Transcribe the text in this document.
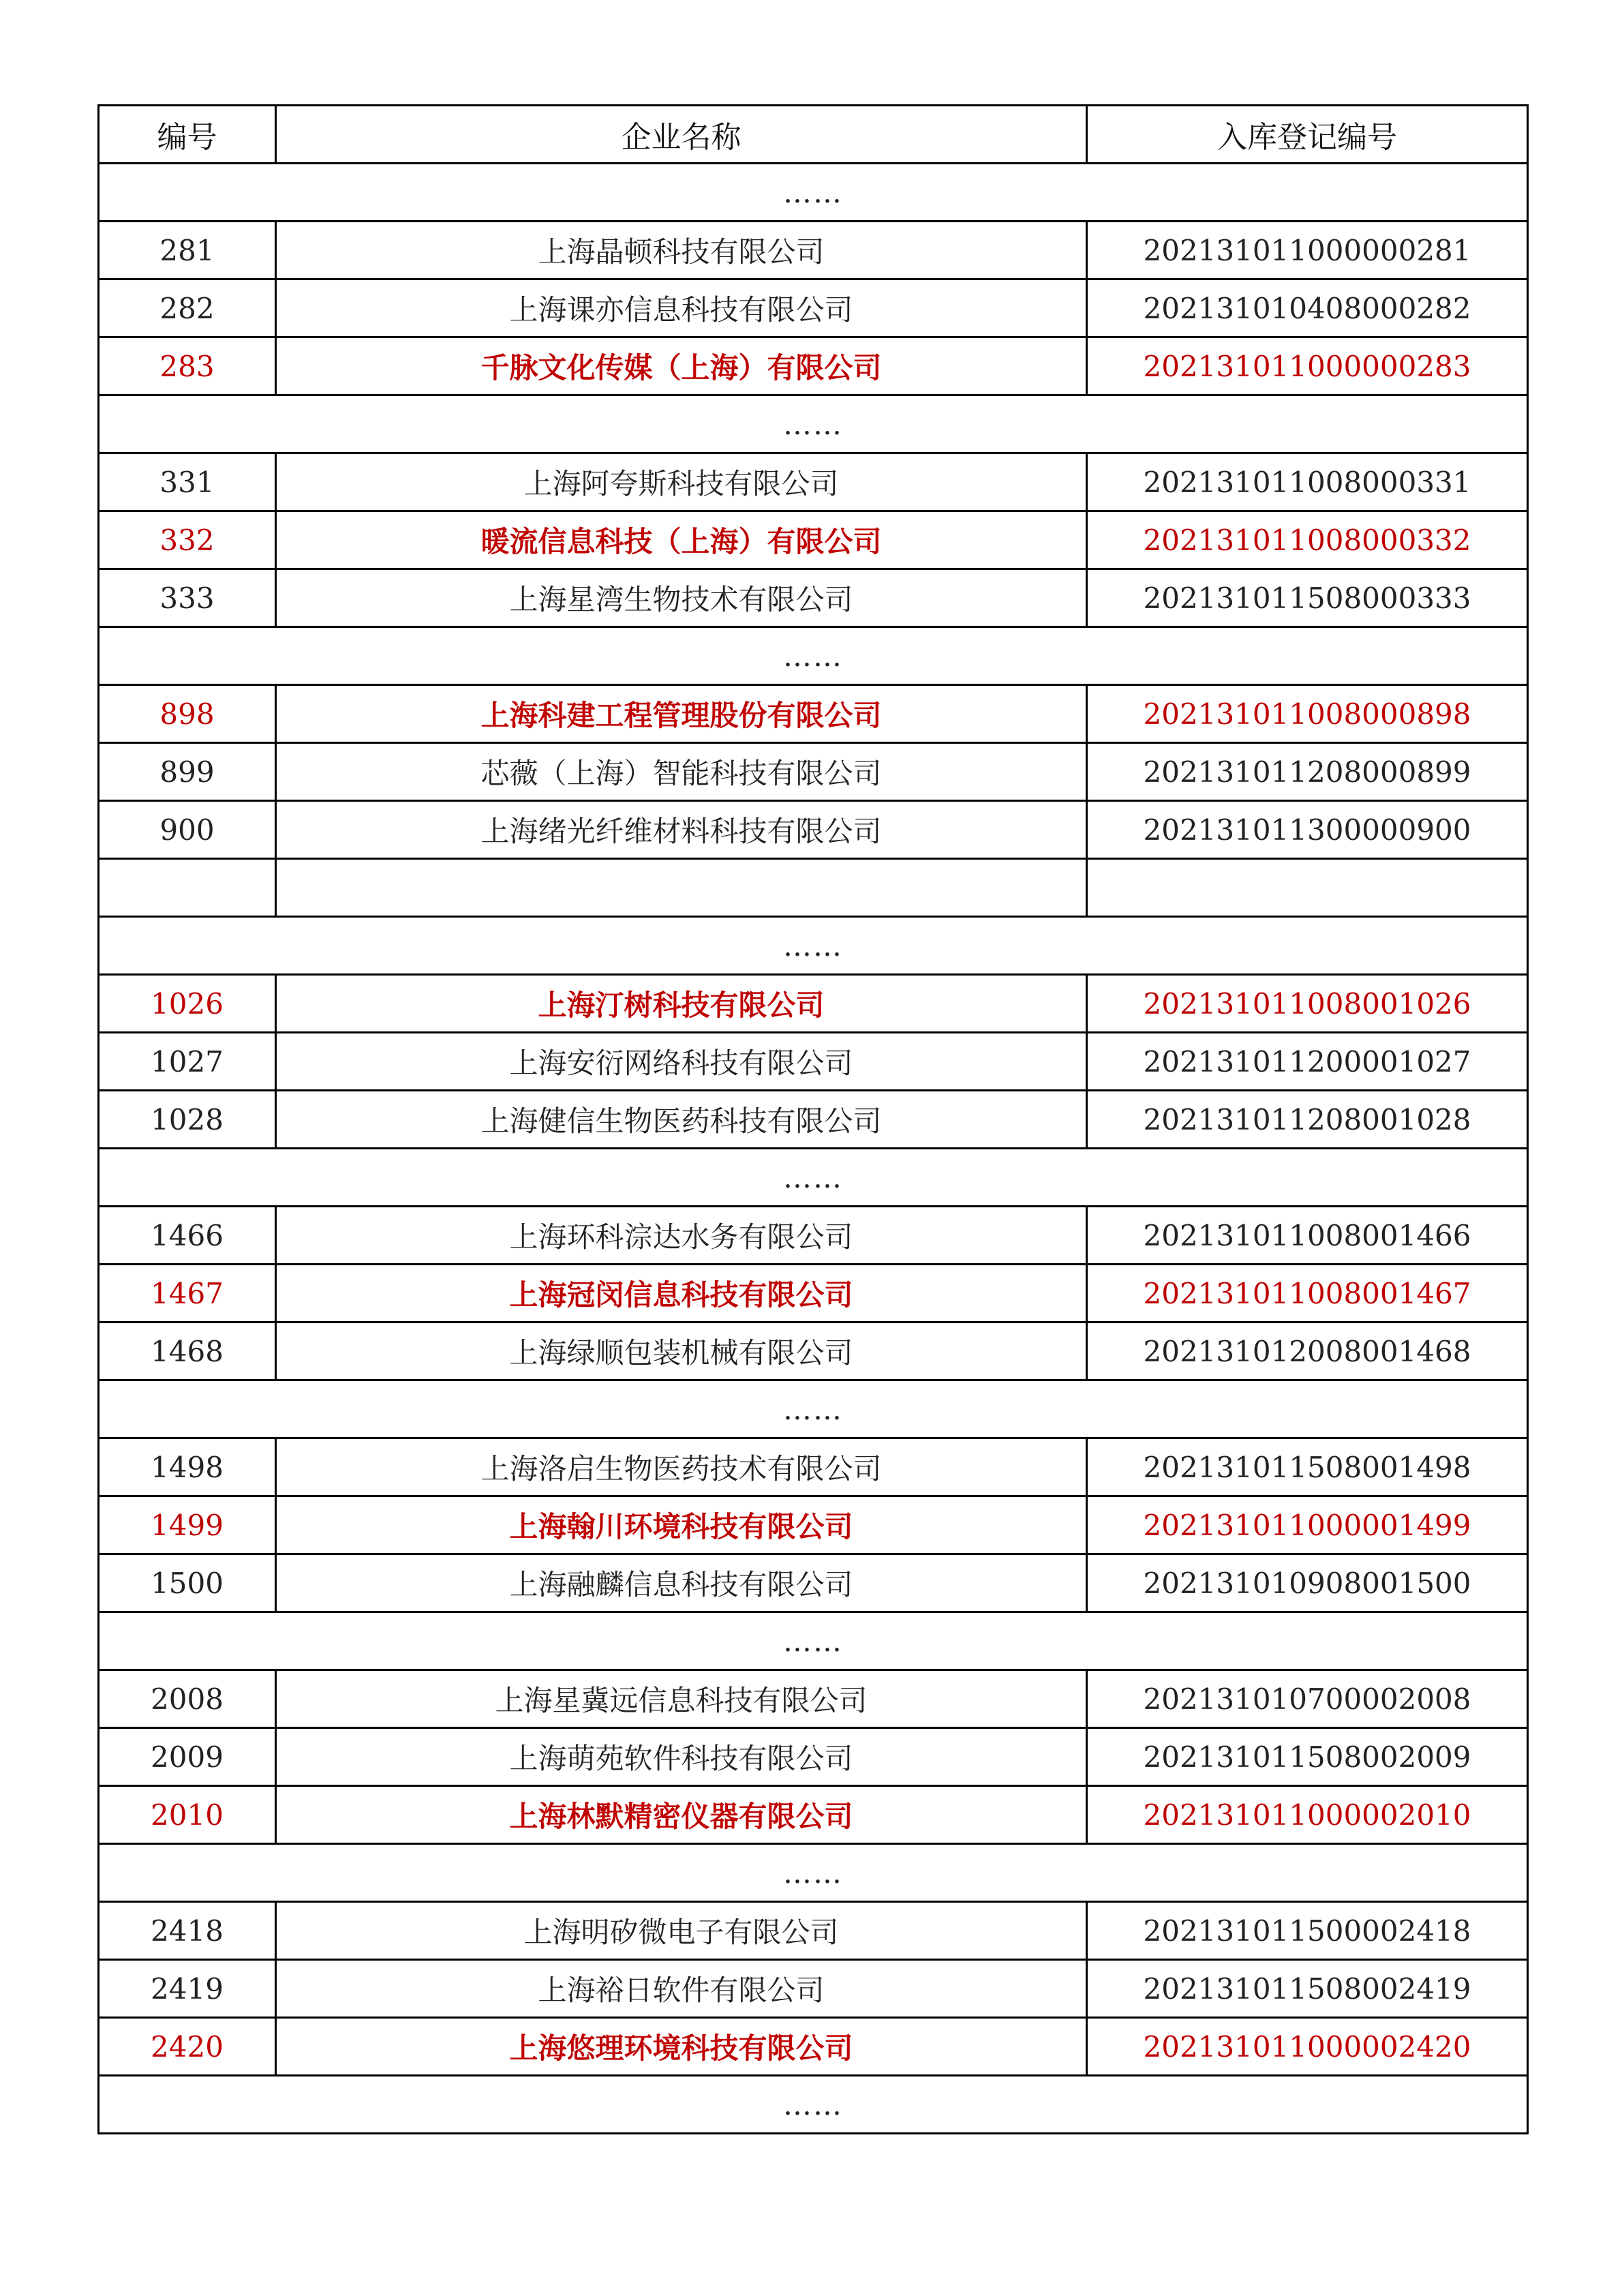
编号	企业名称	入库登记编号
……		
281	上海晶顿科技有限公司	202131011000000281
282	上海课亦信息科技有限公司	202131010408000282
283	千脉文化传媒（上海）有限公司	202131011000000283
……		
331	上海阿夸斯科技有限公司	202131011008000331
332	暖流信息科技（上海）有限公司	202131011008000332
333	上海星湾生物技术有限公司	202131011508000333
……		
898	上海科建工程管理股份有限公司	202131011008000898
899	芯薇（上海）智能科技有限公司	202131011208000899
900	上海绪光纤维材料科技有限公司	202131011300000900

……		
1026	上海汀树科技有限公司	202131011008001026
1027	上海安衍网络科技有限公司	202131011200001027
1028	上海健信生物医药科技有限公司	202131011208001028
……		
1466	上海环科淙达水务有限公司	202131011008001466
1467	上海冠闵信息科技有限公司	202131011008001467
1468	上海绿顺包装机械有限公司	202131012008001468
……		
1498	上海洛启生物医药技术有限公司	202131011508001498
1499	上海翰川环境科技有限公司	202131011000001499
1500	上海融麟信息科技有限公司	202131010908001500
……		
2008	上海星冀远信息科技有限公司	202131010700002008
2009	上海萌苑软件科技有限公司	202131011508002009
2010	上海林默精密仪器有限公司	202131011000002010
……		
2418	上海明矽微电子有限公司	202131011500002418
2419	上海裕日软件有限公司	202131011508002419
2420	上海悠理环境科技有限公司	202131011000002420
……		
